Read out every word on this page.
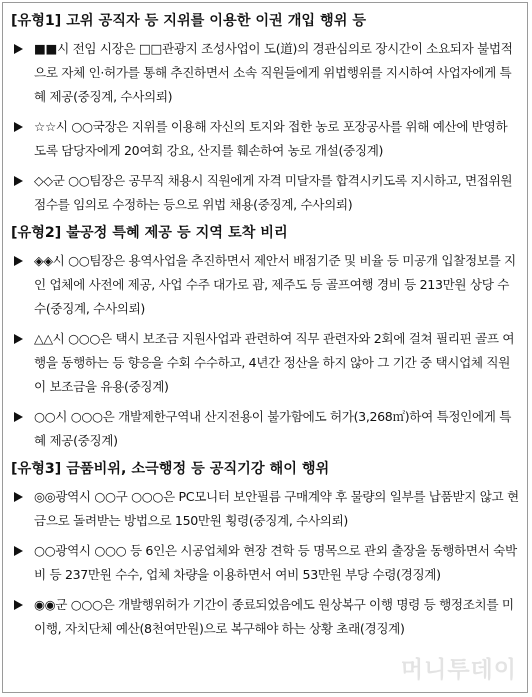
[유형1] 고위 공직자 등 지위를 이용한 이권 개입 행위 등
■■시 전임 시장은 □□관광지 조성사업이 도(道)의 경관심의로 장시간이 소요되자 불법적으로 자체 인·허가를 통해 추진하면서 소속 직원들에게 위법행위를 지시하여 사업자에게 특혜 제공(중징계, 수사의뢰)
☆☆시 ○○국장은 지위를 이용해 자신의 토지와 접한 농로 포장공사를 위해 예산에 반영하도록 담당자에게 20여회 강요, 산지를 훼손하여 농로 개설(중징계)
◇◇군 ○○팀장은 공무직 채용시 직원에게 자격 미달자를 합격시키도록 지시하고, 면접위원 점수를 임의로 수정하는 등으로 위법 채용(중징계, 수사의뢰)
[유형2] 불공정 특혜 제공 등 지역 토착 비리
◈◈시 ○○팀장은 용역사업을 추진하면서 제안서 배점기준 및 비율 등 미공개 입찰정보를 지인 업체에 사전에 제공, 사업 수주 대가로 괌, 제주도 등 골프여행 경비 등 213만원 상당 수수(중징계, 수사의뢰)
△△시 ○○○은 택시 보조금 지원사업과 관련하여 직무 관련자와 2회에 걸쳐 필리핀 골프 여행을 동행하는 등 향응을 수회 수수하고, 4년간 정산을 하지 않아 그 기간 중 택시업체 직원이 보조금을 유용(중징계)
○○시 ○○○은 개발제한구역내 산지전용이 불가함에도 허가(3,268㎡)하여 특정인에게 특혜 제공(중징계)
[유형3] 금품비위, 소극행정 등 공직기강 해이 행위
◎◎광역시 ○○구 ○○○은 PC모니터 보안필름 구매계약 후 물량의 일부를 납품받지 않고 현금으로 돌려받는 방법으로 150만원 횡령(중징계, 수사의뢰)
○○광역시 ○○○ 등 6인은 시공업체와 현장 견학 등 명목으로 관외 출장을 동행하면서 숙박비 등 237만원 수수, 업체 차량을 이용하면서 여비 53만원 부당 수령(경징계)
◉◉군 ○○○은 개발행위허가 기간이 종료되었음에도 원상복구 이행 명령 등 행정조치를 미이행, 자치단체 예산(8천여만원)으로 복구해야 하는 상황 초래(경징계)
머니투데이
